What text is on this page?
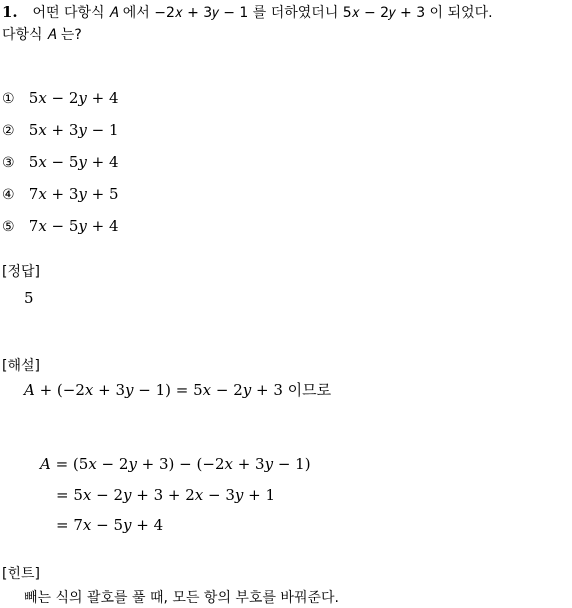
1. 어떤 다항식 𝐴 에서 −2𝑥 + 3𝑦 − 1 를 더하였더니 5𝑥 − 2𝑦 + 3 이 되었다.
다항식 𝐴 는?
① 5𝑥 − 2𝑦 + 4
② 5𝑥 + 3𝑦 − 1
③ 5𝑥 − 5𝑦 + 4
④ 7𝑥 + 3𝑦 + 5
⑤ 7𝑥 − 5𝑦 + 4
[정답]
5
[해설]
𝐴 + (−2𝑥 + 3𝑦 − 1) = 5𝑥 − 2𝑦 + 3 이므로
𝐴 = (5𝑥 − 2𝑦 + 3) − (−2𝑥 + 3𝑦 − 1)
= 5𝑥 − 2𝑦 + 3 + 2𝑥 − 3𝑦 + 1
= 7𝑥 − 5𝑦 + 4
[힌트]
빼는 식의 괄호를 풀 때, 모든 항의 부호를 바꿔준다.
